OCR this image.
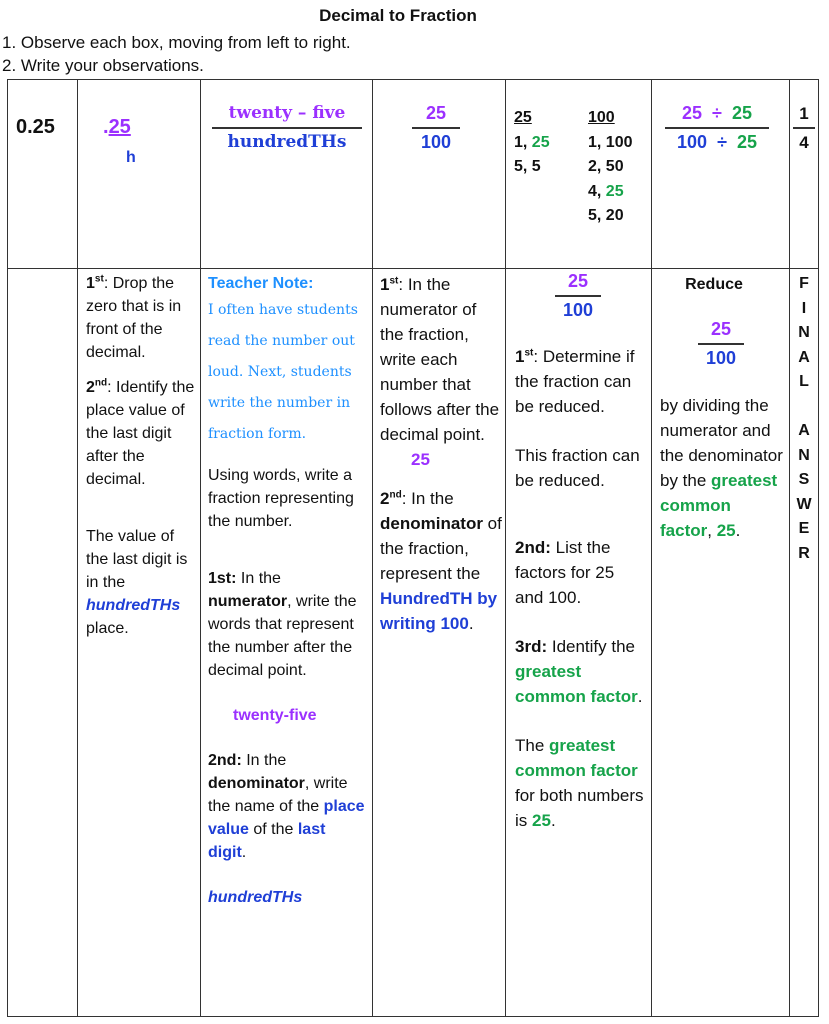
Decimal to Fraction
1. Observe each box, moving from left to right.
2. Write your observations.
0.25 .25
h
$\frac{\text{twenty – five}}{\text{hundredTHs}}$	$\frac{25}{100}$	25
1, 25
5, 5
100
1, 100
2, 50
4, 25
5, 20
$\frac{25 \div 25}{100 \div 25} \frac{1}{4}$
1st: Drop the zero that is in front of the decimal.
2nd: Identify the place value of the last digit after the decimal.
The value of the last digit is in the hundredTHs place.
Teacher Note:
I often have students read the number out loud. Next, students write the number in fraction form.
Using words, write a fraction representing the number.
1st: In the numerator, write the words that represent the number after the decimal point.
twenty-five
2nd: In the denominator, write the name of the place value of the last digit.
hundredTHs
1st: In the numerator of the fraction, write each number that follows after the decimal point.
25
2nd: In the denominator of the fraction, represent the HundredTH by writing 100.
$\frac{25}{100}$
1st: Determine if the fraction can be reduced.
This fraction can be reduced.
2nd: List the factors for 25 and 100.
3rd: Identify the greatest common factor.
The greatest common factor for both numbers is 25.
Reduce
$\frac{25}{100}$
by dividing the numerator and the denominator by the greatest common factor, 25.
F
I
N
A
L
A
N
S
W
E
R
